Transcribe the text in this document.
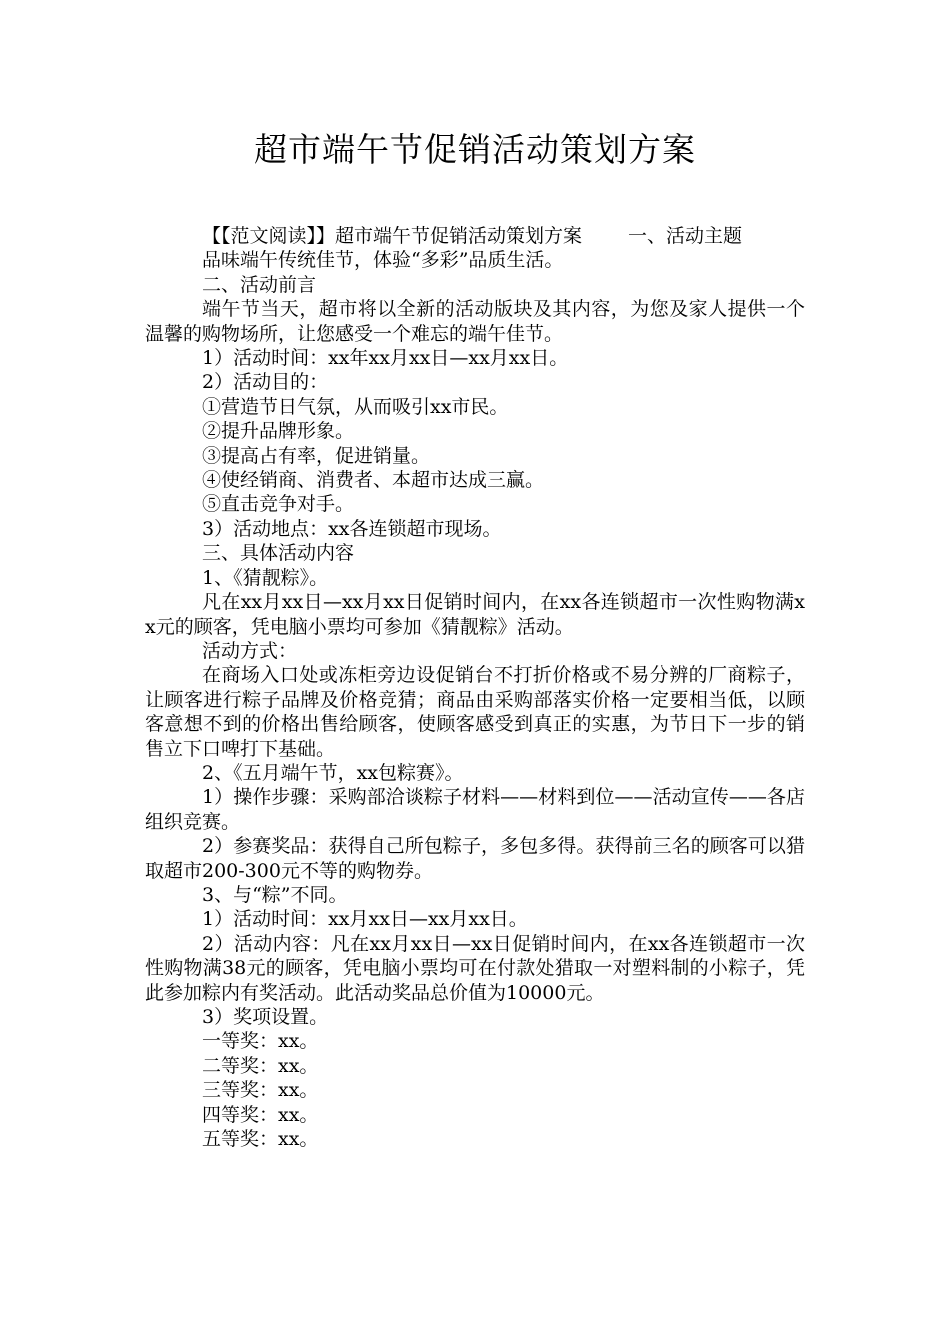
超市端午节促销活动策划方案

【【范文阅读】】超市端午节促销活动策划方案 一、活动主题

品味端午传统佳节，体验“多彩”品质生活。

二、活动前言

端午节当天，超市将以全新的活动版块及其内容，为您及家人提供一个温馨的购物场所，让您感受一个难忘的端午佳节。

1）活动时间：xx年xx月xx日—xx月xx日。

2）活动目的：

①营造节日气氛，从而吸引xx市民。

②提升品牌形象。

③提高占有率，促进销量。

④使经销商、消费者、本超市达成三赢。

⑤直击竞争对手。

3）活动地点：xx各连锁超市现场。

三、具体活动内容

1、《猜靓粽》。

凡在xx月xx日—xx月xx日促销时间内，在xx各连锁超市一次性购物满xx元的顾客，凭电脑小票均可参加《猜靓粽》活动。

活动方式：

在商场入口处或冻柜旁边设促销台不打折价格或不易分辨的厂商粽子，让顾客进行粽子品牌及价格竞猜；商品由采购部落实价格一定要相当低，以顾客意想不到的价格出售给顾客，使顾客感受到真正的实惠，为节日下一步的销售立下口啤打下基础。

2、《五月端午节，xx包粽赛》。

1）操作步骤：采购部洽谈粽子材料——材料到位——活动宣传——各店组织竞赛。

2）参赛奖品：获得自己所包粽子，多包多得。获得前三名的顾客可以猎取超市200-300元不等的购物券。

3、与“粽”不同。

1）活动时间：xx月xx日—xx月xx日。

2）活动内容：凡在xx月xx日—xx日促销时间内，在xx各连锁超市一次性购物满38元的顾客，凭电脑小票均可在付款处猎取一对塑料制的小粽子，凭此参加粽内有奖活动。此活动奖品总价值为10000元。

3）奖项设置。

一等奖：xx。

二等奖：xx。

三等奖：xx。

四等奖：xx。

五等奖：xx。
